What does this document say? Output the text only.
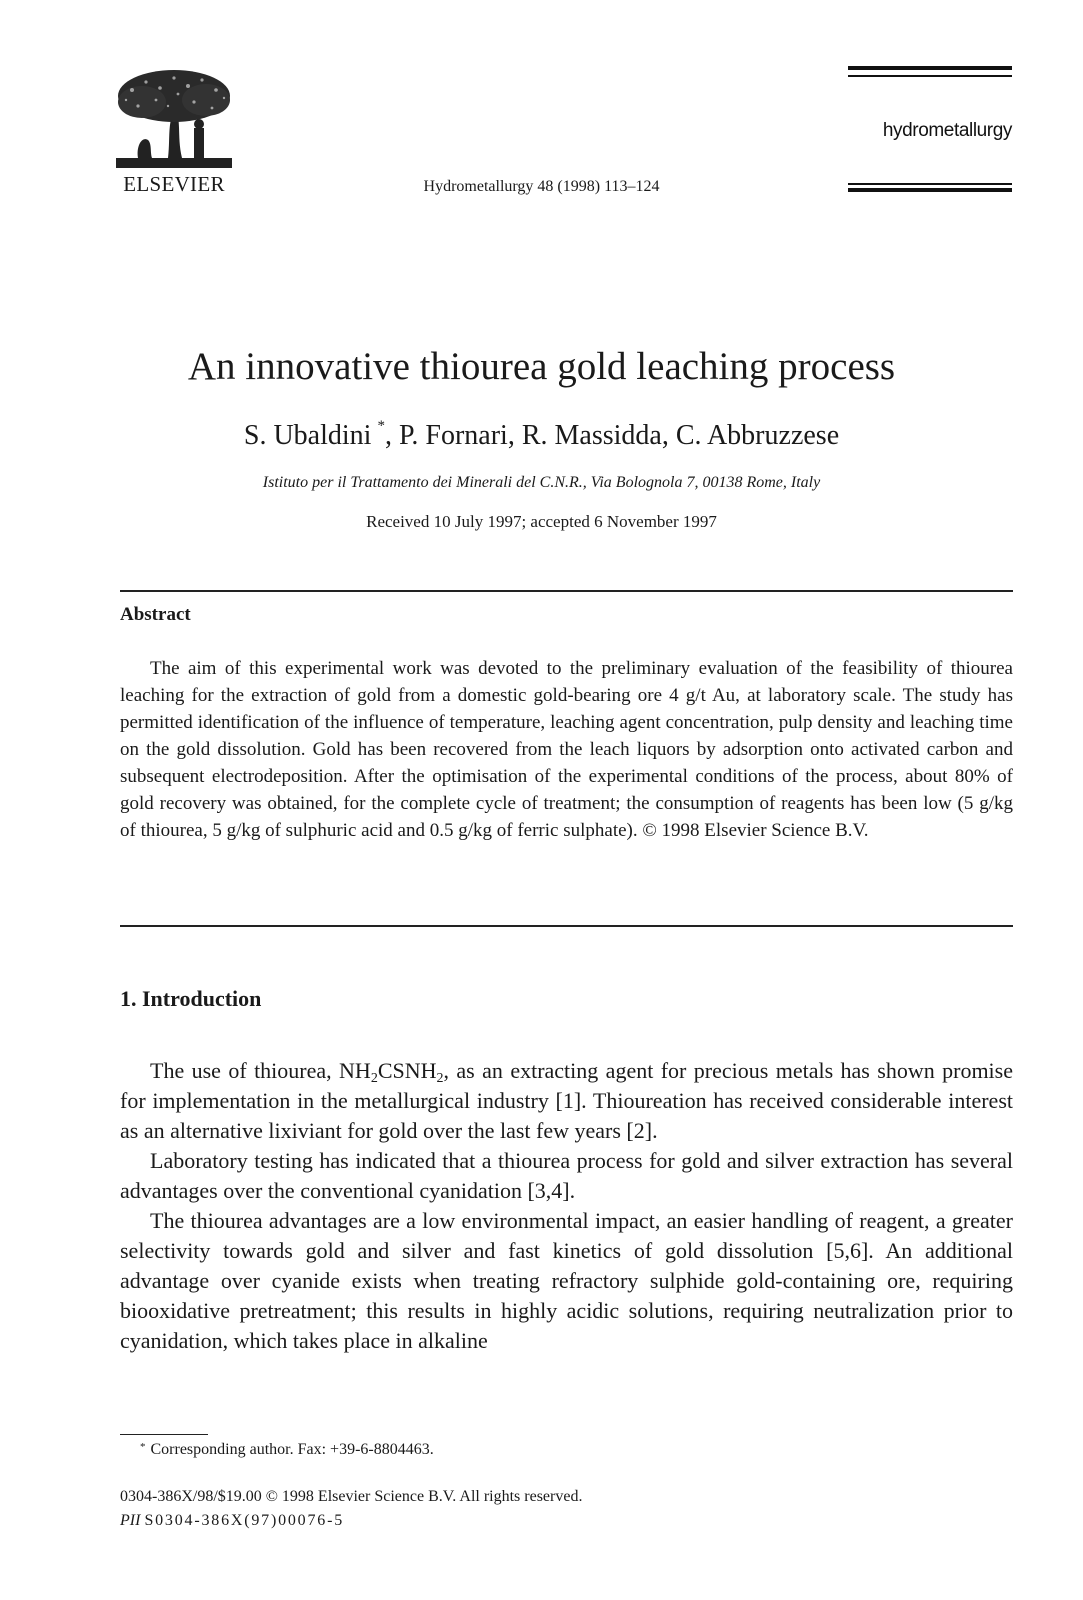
ELSEVIER	Hydrometallurgy 48 (1998) 113–124
hydrometallurgy
An innovative thiourea gold leaching process
S. Ubaldini *, P. Fornari, R. Massidda, C. Abbruzzese
Istituto per il Trattamento dei Minerali del C.N.R., Via Bolognola 7, 00138 Rome, Italy
Received 10 July 1997; accepted 6 November 1997
Abstract

The aim of this experimental work was devoted to the preliminary evaluation of the feasibility of thiourea leaching for the extraction of gold from a domestic gold-bearing ore 4 g/t Au, at laboratory scale. The study has permitted identification of the influence of temperature, leaching agent concentration, pulp density and leaching time on the gold dissolution. Gold has been recovered from the leach liquors by adsorption onto activated carbon and subsequent electrodeposition. After the optimisation of the experimental conditions of the process, about 80% of gold recovery was obtained, for the complete cycle of treatment; the consumption of reagents has been low (5 g/kg of thiourea, 5 g/kg of sulphuric acid and 0.5 g/kg of ferric sulphate). © 1998 Elsevier Science B.V.

1. Introduction

The use of thiourea, $NH_2CSNH_2$, as an extracting agent for precious metals has shown promise for implementation in the metallurgical industry [1]. Thioureation has received considerable interest as an alternative lixiviant for gold over the last few years [2].

Laboratory testing has indicated that a thiourea process for gold and silver extraction has several advantages over the conventional cyanidation [3,4].

The thiourea advantages are a low environmental impact, an easier handling of reagent, a greater selectivity towards gold and silver and fast kinetics of gold dissolution [5,6]. An additional advantage over cyanide exists when treating refractory sulphide gold-containing ore, requiring biooxidative pretreatment; this results in highly acidic solutions, requiring neutralization prior to cyanidation, which takes place in alkaline

* Corresponding author. Fax: +39-6-8804463.
0304-386X/98/$19.00 © 1998 Elsevier Science B.V. All rights reserved.
PII S0304-386X(97)00076-5
